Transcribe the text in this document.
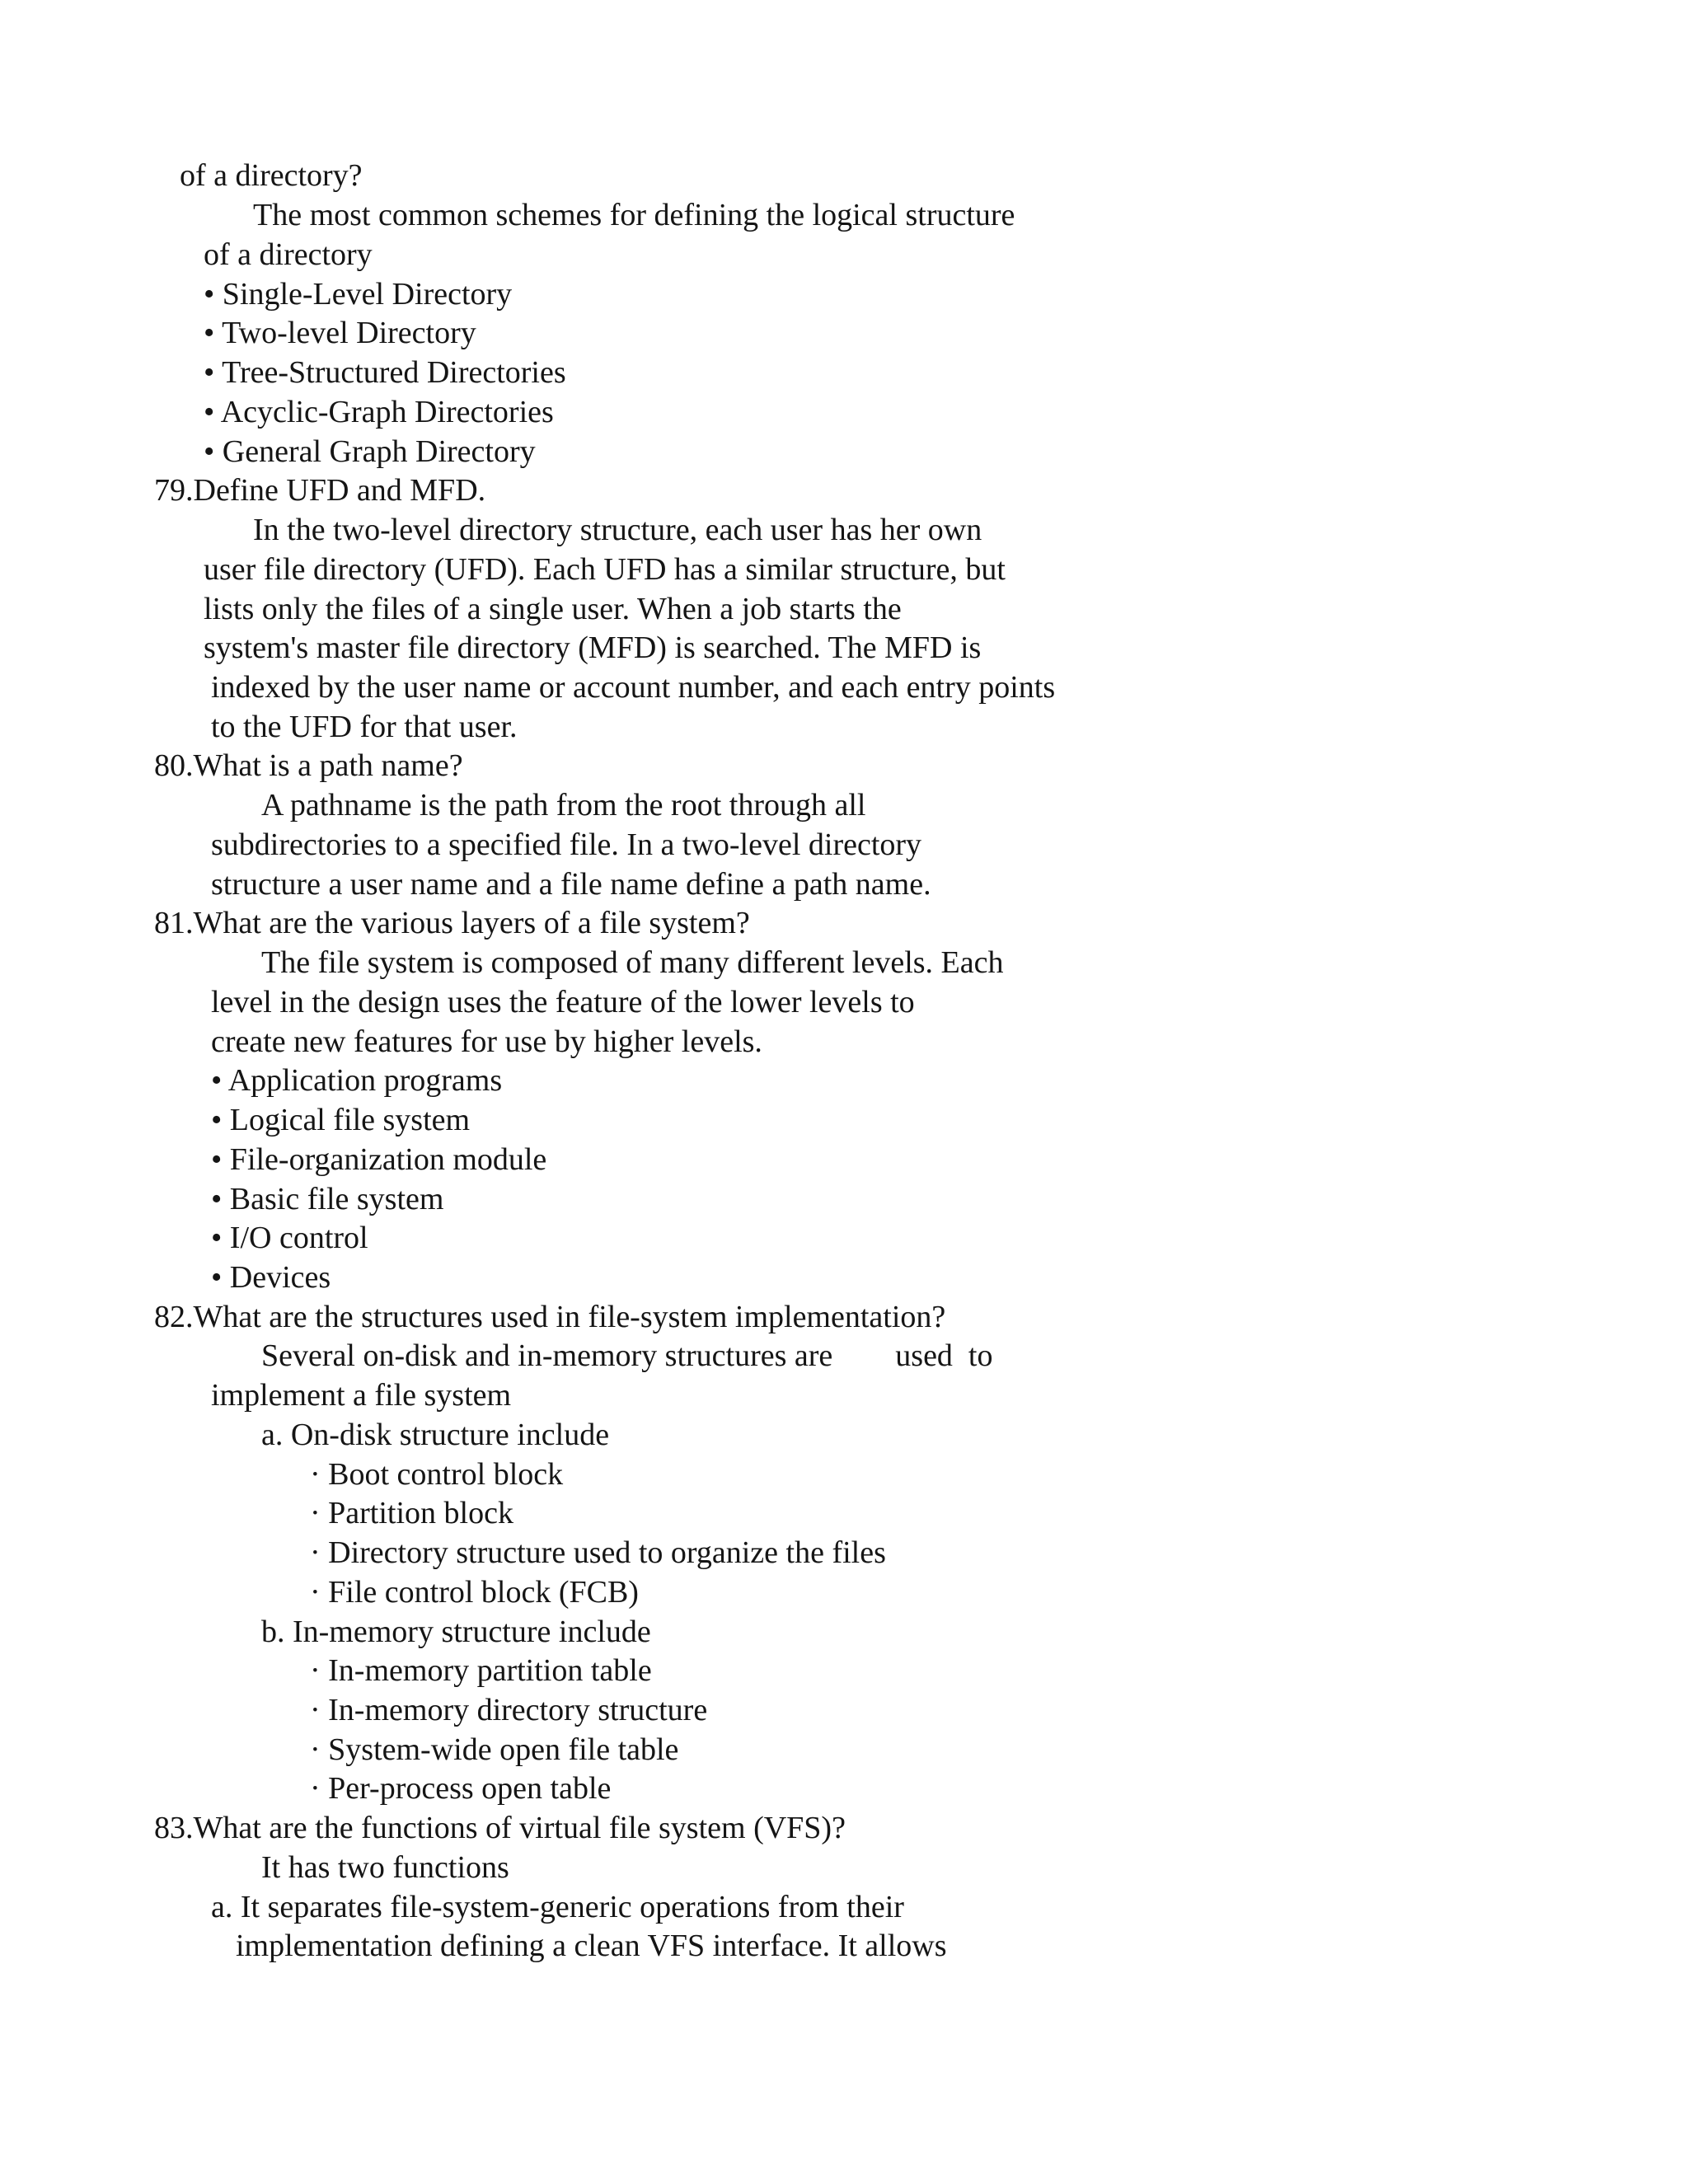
of a directory?
The most common schemes for defining the logical structure
of a directory
• Single-Level Directory
• Two-level Directory
• Tree-Structured Directories
• Acyclic-Graph Directories
• General Graph Directory
79.Define UFD and MFD.
In the two-level directory structure, each user has her own
user file directory (UFD). Each UFD has a similar structure, but
lists only the files of a single user. When a job starts the
system's master file directory (MFD) is searched. The MFD is
indexed by the user name or account number, and each entry points
to the UFD for that user.
80.What is a path name?
A pathname is the path from the root through all
subdirectories to a specified file. In a two-level directory
structure a user name and a file name define a path name.
81.What are the various layers of a file system?
The file system is composed of many different levels. Each
level in the design uses the feature of the lower levels to
create new features for use by higher levels.
• Application programs
• Logical file system
• File-organization module
• Basic file system
• I/O control
• Devices
82.What are the structures used in file-system implementation?
Several on-disk and in-memory structures are        used  to
implement a file system
a. On-disk structure include
· Boot control block
· Partition block
· Directory structure used to organize the files
· File control block (FCB)
b. In-memory structure include
· In-memory partition table
· In-memory directory structure
· System-wide open file table
· Per-process open table
83.What are the functions of virtual file system (VFS)?
It has two functions
a. It separates file-system-generic operations from their
implementation defining a clean VFS interface. It allows
